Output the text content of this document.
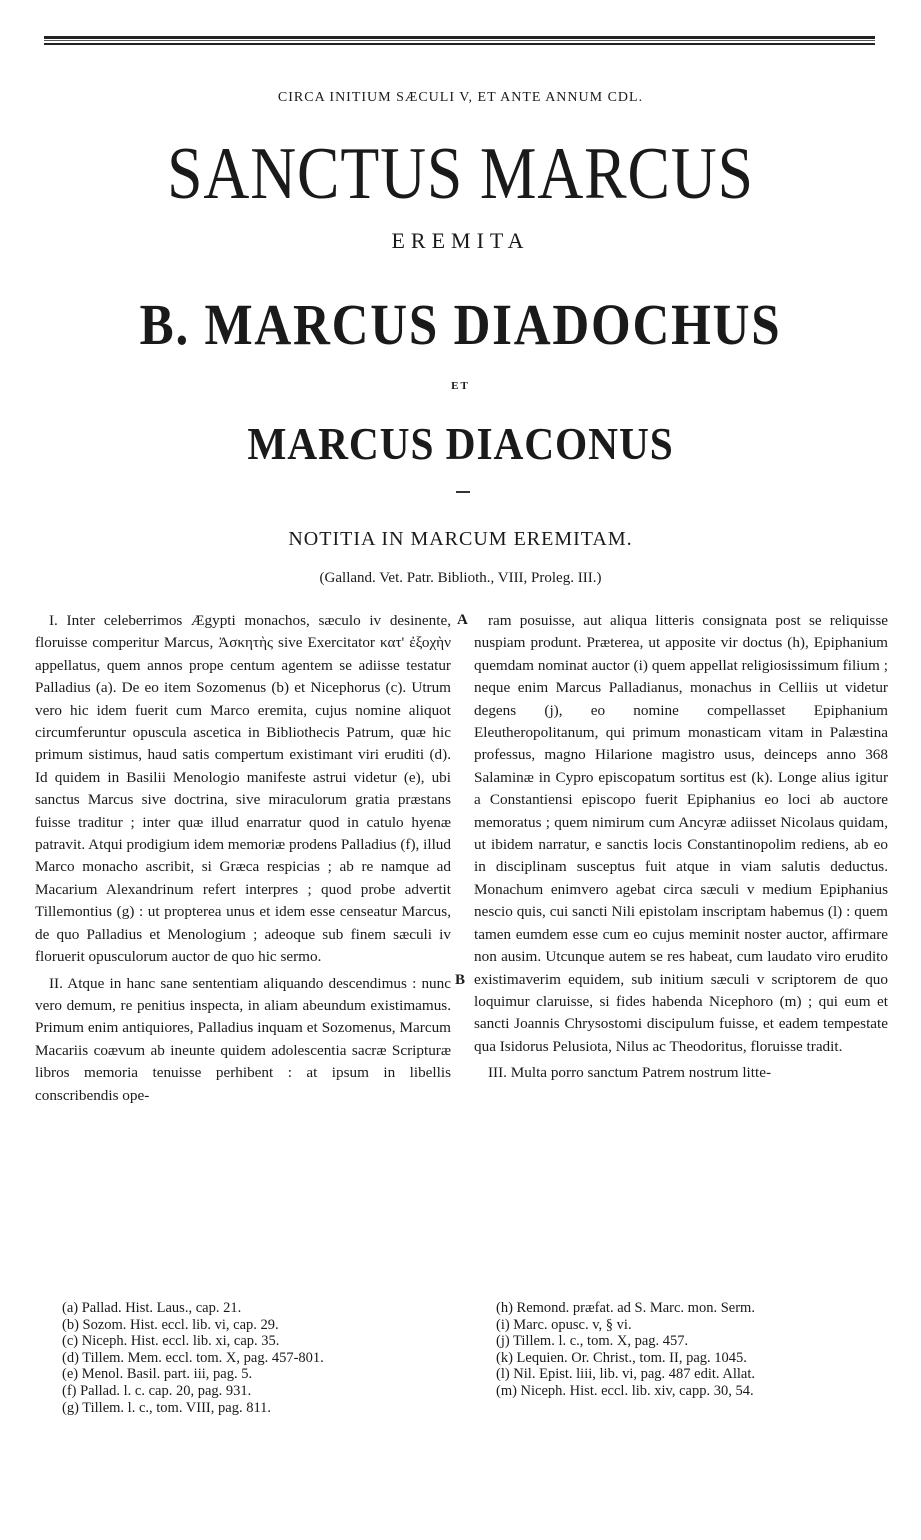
CIRCA INITIUM SÆCULI V, ET ANTE ANNUM CDL.
SANCTUS MARCUS
EREMITA
B. MARCUS DIADOCHUS
ET
MARCUS DIACONUS
NOTITIA IN MARCUM EREMITAM.
(Galland. Vet. Patr. Biblioth., VIII, Proleg. III.)

I. Inter celeberrimos Ægypti monachos, sæculo iv desinente, floruisse comperitur Marcus, Ἀσκητὴς sive Exercitator κατ' ἐξοχὴν appellatus, quem annos prope centum agentem se adiisse testatur Palladius (a). De eo item Sozomenus (b) et Nicephorus (c). Utrum vero hic idem fuerit cum Marco eremita, cujus nomine aliquot circumferuntur opuscula ascetica in Bibliothecis Patrum, quæ hic primum sistimus, haud satis compertum existimant viri eruditi (d). Id quidem in Basilii Menologio manifeste astrui videtur (e), ubi sanctus Marcus sive doctrina, sive miraculorum gratia præstans fuisse traditur ; inter quæ illud enarratur quod in catulo hyenæ patravit. Atqui prodigium idem memoriæ prodens Palladius (f), illud Marco monacho ascribit, si Græca respicias ; ab re namque ad Macarium Alexandrinum refert interpres ; quod probe advertit Tillemontius (g) : ut propterea unus et idem esse censeatur Marcus, de quo Palladius et Menologium ; adeoque sub finem sæculi iv floruerit opusculorum auctor de quo hic sermo.

II. Atque in hanc sane sententiam aliquando descendimus : nunc vero demum, re penitius inspecta, in aliam abeundum existimamus. Primum enim antiquiores, Palladius inquam et Sozomenus, Marcum Macariis coævum ab ineunte quidem adolescentia sacræ Scripturæ libros memoria tenuisse perhibent : at ipsum in libellis conscribendis ope-

A
B

ram posuisse, aut aliqua litteris consignata post se reliquisse nuspiam produnt. Præterea, ut apposite vir doctus (h), Epiphanium quemdam nominat auctor (i) quem appellat religiosissimum filium ; neque enim Marcus Palladianus, monachus in Celliis ut videtur degens (j), eo nomine compellasset Epiphanium Eleutheropolitanum, qui primum monasticam vitam in Palæstina professus, magno Hilarione magistro usus, deinceps anno 368 Salaminæ in Cypro episcopatum sortitus est (k). Longe alius igitur a Constantiensi episcopo fuerit Epiphanius eo loci ab auctore memoratus ; quem nimirum cum Ancyræ adiisset Nicolaus quidam, ut ibidem narratur, e sanctis locis Constantinopolim rediens, ab eo in disciplinam susceptus fuit atque in viam salutis deductus. Monachum enimvero agebat circa sæculi v medium Epiphanius nescio quis, cui sancti Nili epistolam inscriptam habemus (l) : quem tamen eumdem esse cum eo cujus meminit noster auctor, affirmare non ausim. Utcunque autem se res habeat, cum laudato viro erudito existimaverim equidem, sub initium sæculi v scriptorem de quo loquimur claruisse, si fides habenda Nicephoro (m) ; qui eum et sancti Joannis Chrysostomi discipulum fuisse, et eadem tempestate qua Isidorus Pelusiota, Nilus ac Theodoritus, floruisse tradit.

III. Multa porro sanctum Patrem nostrum litte-

(a) Pallad. Hist. Laus., cap. 21.
(b) Sozom. Hist. eccl. lib. vi, cap. 29.
(c) Niceph. Hist. eccl. lib. xi, cap. 35.
(d) Tillem. Mem. eccl. tom. X, pag. 457-801.
(e) Menol. Basil. part. iii, pag. 5.
(f) Pallad. l. c. cap. 20, pag. 931.
(g) Tillem. l. c., tom. VIII, pag. 811.
(h) Remond. præfat. ad S. Marc. mon. Serm.
(i) Marc. opusc. v, § vi.
(j) Tillem. l. c., tom. X, pag. 457.
(k) Lequien. Or. Christ., tom. II, pag. 1045.
(l) Nil. Epist. liii, lib. vi, pag. 487 edit. Allat.
(m) Niceph. Hist. eccl. lib. xiv, capp. 30, 54.
